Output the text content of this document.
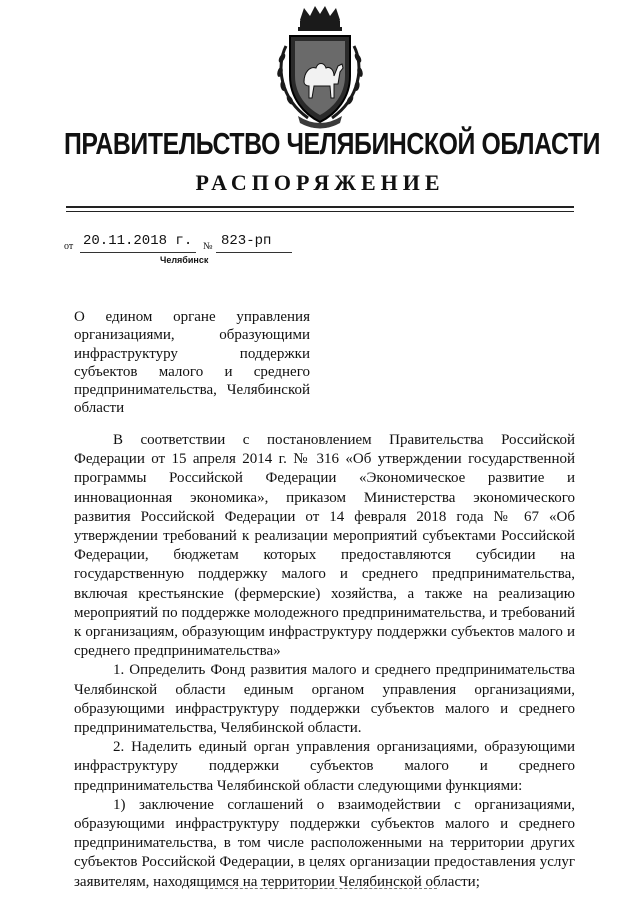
ПРАВИТЕЛЬСТВО ЧЕЛЯБИНСКОЙ ОБЛАСТИ
РАСПОРЯЖЕНИЕ
от 20.11.2018 г. № 823-рп
Челябинск
О едином органе управления организациями, образующими инфраструктуру поддержки субъектов малого и среднего предпринимательства, Челябинской области

В соответствии с постановлением Правительства Российской Федерации от 15 апреля 2014 г. № 316 «Об утверждении государственной программы Российской Федерации «Экономическое развитие и инновационная экономика», приказом Министерства экономического развития Российской Федерации от 14 февраля 2018 года № 67 «Об утверждении требований к реализации мероприятий субъектами Российской Федерации, бюджетам которых предоставляются субсидии на государственную поддержку малого и среднего предпринимательства, включая крестьянские (фермерские) хозяйства, а также на реализацию мероприятий по поддержке молодежного предпринимательства, и требований к организациям, образующим инфраструктуру поддержки субъектов малого и среднего предпринимательства»

1. Определить Фонд развития малого и среднего предпринимательства Челябинской области единым органом управления организациями, образующими инфраструктуру поддержки субъектов малого и среднего предпринимательства, Челябинской области.

2. Наделить единый орган управления организациями, образующими инфраструктуру поддержки субъектов малого и среднего предпринимательства Челябинской области следующими функциями:

1) заключение соглашений о взаимодействии с организациями, образующими инфраструктуру поддержки субъектов малого и среднего предпринимательства, в том числе расположенными на территории других субъектов Российской Федерации, в целях организации предоставления услуг заявителям, находящимся на территории Челябинской области;
